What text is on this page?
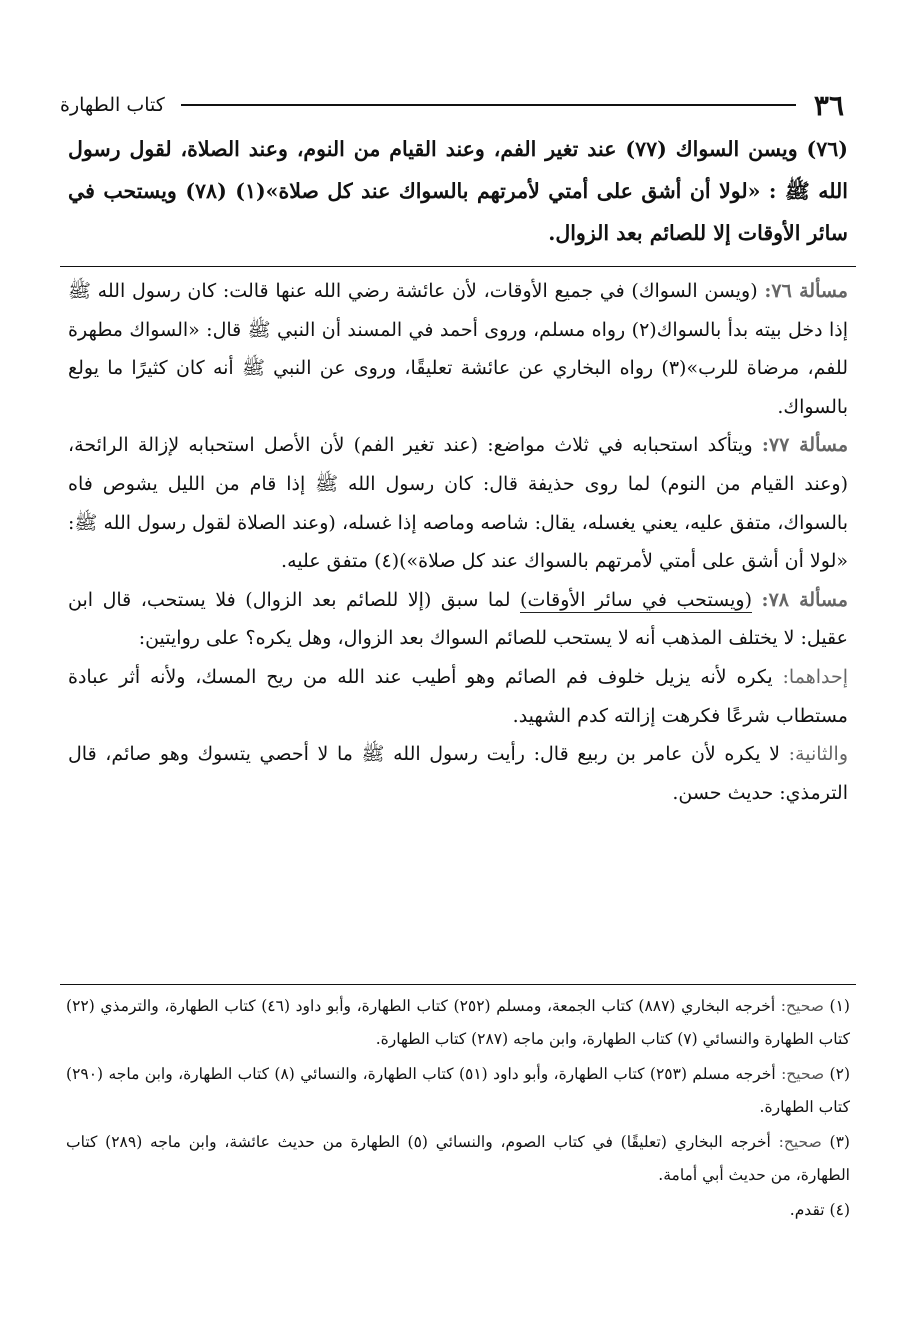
٣٦
كتاب الطهارة
(٧٦) ويسن السواك (٧٧) عند تغير الفم، وعند القيام من النوم، وعند الصلاة، لقول رسول الله ﷺ : «لولا أن أشق على أمتي لأمرتهم بالسواك عند كل صلاة»(١) (٧٨) ويستحب في سائر الأوقات إلا للصائم بعد الزوال.

مسألة ٧٦: (ويسن السواك) في جميع الأوقات، لأن عائشة رضي الله عنها قالت: كان رسول الله ﷺ إذا دخل بيته بدأ بالسواك(٢) رواه مسلم، وروى أحمد في المسند أن النبي ﷺ قال: «السواك مطهرة للفم، مرضاة للرب»(٣) رواه البخاري عن عائشة تعليقًا، وروى عن النبي ﷺ أنه كان كثيرًا ما يولع بالسواك.

مسألة ٧٧: ويتأكد استحبابه في ثلاث مواضع: (عند تغير الفم) لأن الأصل استحبابه لإزالة الرائحة، (وعند القيام من النوم) لما روى حذيفة قال: كان رسول الله ﷺ إذا قام من الليل يشوص فاه بالسواك، متفق عليه، يعني يغسله، يقال: شاصه وماصه إذا غسله، (وعند الصلاة لقول رسول الله ﷺ: «لولا أن أشق على أمتي لأمرتهم بالسواك عند كل صلاة»)(٤) متفق عليه.

مسألة ٧٨: (ويستحب في سائر الأوقات) لما سبق (إلا للصائم بعد الزوال) فلا يستحب، قال ابن عقيل: لا يختلف المذهب أنه لا يستحب للصائم السواك بعد الزوال، وهل يكره؟ على روايتين:

إحداهما: يكره لأنه يزيل خلوف فم الصائم وهو أطيب عند الله من ريح المسك، ولأنه أثر عبادة مستطاب شرعًا فكرهت إزالته كدم الشهيد.

والثانية: لا يكره لأن عامر بن ربيع قال: رأيت رسول الله ﷺ ما لا أحصي يتسوك وهو صائم، قال الترمذي: حديث حسن.

(١) صحيح: أخرجه البخاري (٨٨٧) كتاب الجمعة، ومسلم (٢٥٢) كتاب الطهارة، وأبو داود (٤٦) كتاب الطهارة، والترمذي (٢٢) كتاب الطهارة والنسائي (٧) كتاب الطهارة، وابن ماجه (٢٨٧) كتاب الطهارة.

(٢) صحيح: أخرجه مسلم (٢٥٣) كتاب الطهارة، وأبو داود (٥١) كتاب الطهارة، والنسائي (٨) كتاب الطهارة، وابن ماجه (٢٩٠) كتاب الطهارة.

(٣) صحيح: أخرجه البخاري (تعليقًا) في كتاب الصوم، والنسائي (٥) الطهارة من حديث عائشة، وابن ماجه (٢٨٩) كتاب الطهارة، من حديث أبي أمامة.

(٤) تقدم.
